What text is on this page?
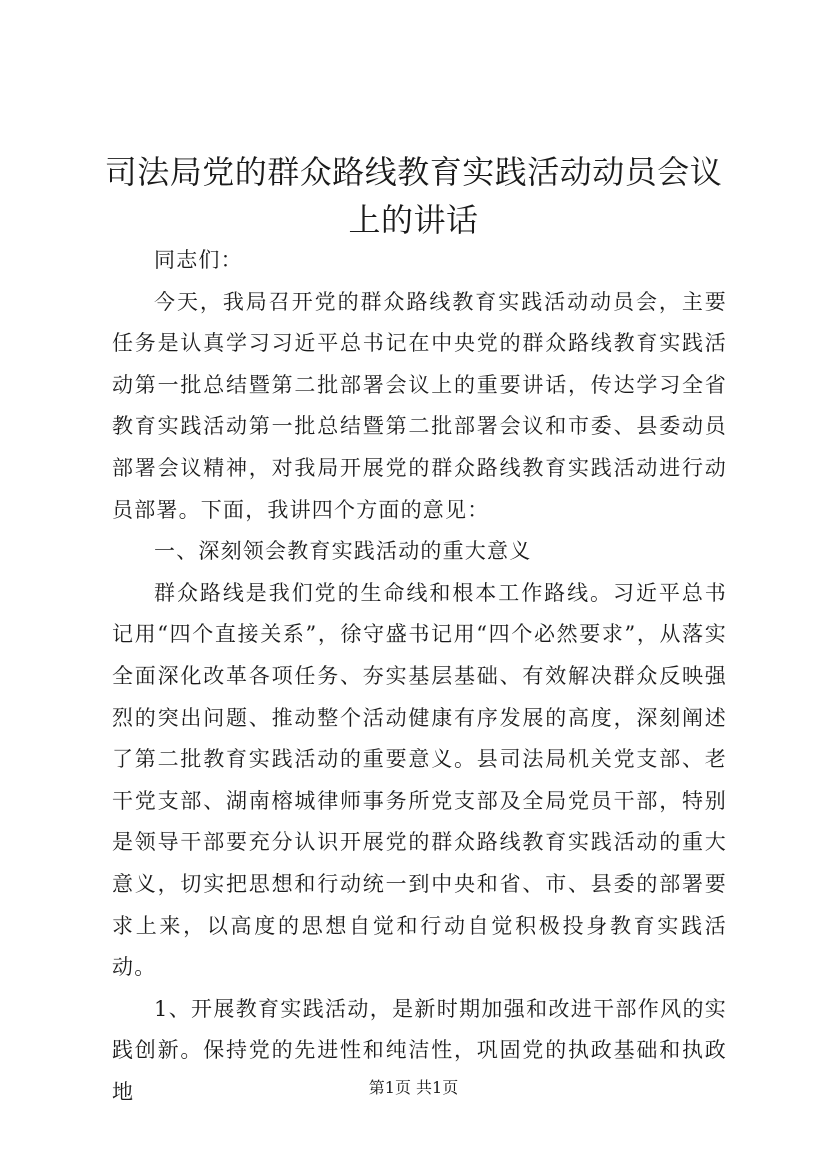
司法局党的群众路线教育实践活动动员会议上的讲话

同志们：

今天，我局召开党的群众路线教育实践活动动员会，主要任务是认真学习习近平总书记在中央党的群众路线教育实践活动第一批总结暨第二批部署会议上的重要讲话，传达学习全省教育实践活动第一批总结暨第二批部署会议和市委、县委动员部署会议精神，对我局开展党的群众路线教育实践活动进行动员部署。下面，我讲四个方面的意见：

一、深刻领会教育实践活动的重大意义

群众路线是我们党的生命线和根本工作路线。习近平总书记用“四个直接关系”，徐守盛书记用“四个必然要求”，从落实全面深化改革各项任务、夯实基层基础、有效解决群众反映强烈的突出问题、推动整个活动健康有序发展的高度，深刻阐述了第二批教育实践活动的重要意义。县司法局机关党支部、老干党支部、湖南榕城律师事务所党支部及全局党员干部，特别是领导干部要充分认识开展党的群众路线教育实践活动的重大意义，切实把思想和行动统一到中央和省、市、县委的部署要求上来，以高度的思想自觉和行动自觉积极投身教育实践活动。

1、开展教育实践活动，是新时期加强和改进干部作风的实践创新。保持党的先进性和纯洁性，巩固党的执政基础和执政地	第1页 共1页
